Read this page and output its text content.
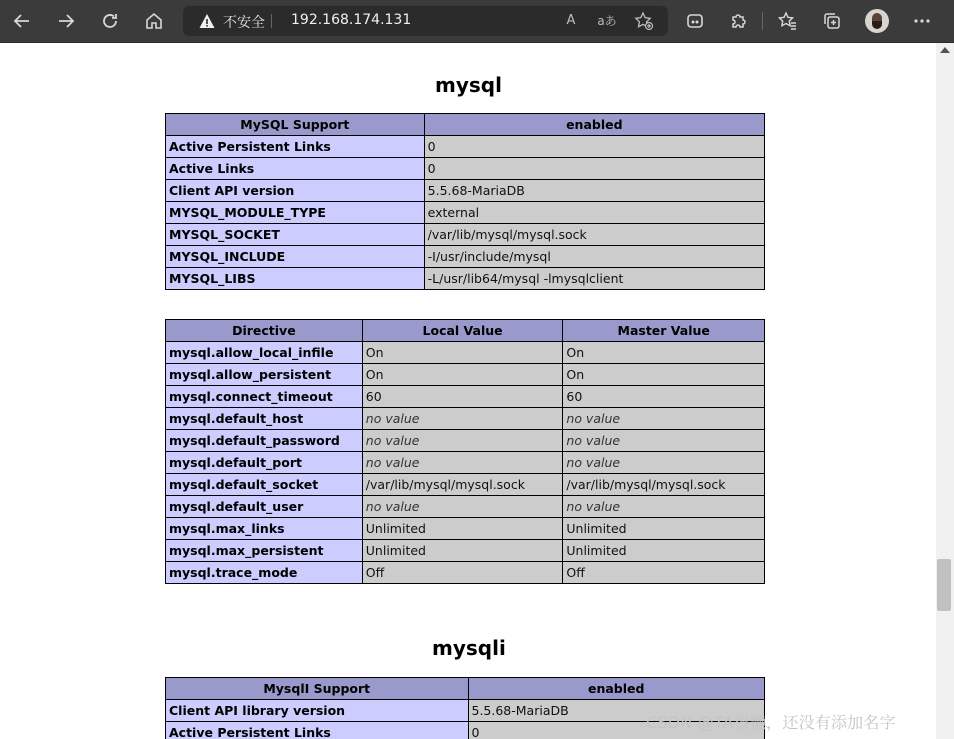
不安全 192.168.174.131	A	aあ
mysql
MySQL Support	enabled
Active Persistent Links	0
Active Links	0
Client API version	5.5.68-MariaDB
MYSQL_MODULE_TYPE	external
MYSQL_SOCKET	/var/lib/mysql/mysql.sock
MYSQL_INCLUDE	-I/usr/include/mysql
MYSQL_LIBS	-L/usr/lib64/mysql -lmysqlclient
Directive	Local Value	Master Value
mysql.allow_local_infile	On	On
mysql.allow_persistent	On	On
mysql.connect_timeout	60	60
mysql.default_host	no value	no value
mysql.default_password	no value	no value
mysql.default_port	no value	no value
mysql.default_socket	/var/lib/mysql/mysql.sock	/var/lib/mysql/mysql.sock
mysql.default_user	no value	no value
mysql.max_links	Unlimited	Unlimited
mysql.max_persistent	Unlimited	Unlimited
mysql.trace_mode	Off	Off
mysqli
MysqlI Support	enabled
Client API library version	5.5.68-MariaDB
Active Persistent Links	0
CSDN @TA很懒，还没有添加名字
